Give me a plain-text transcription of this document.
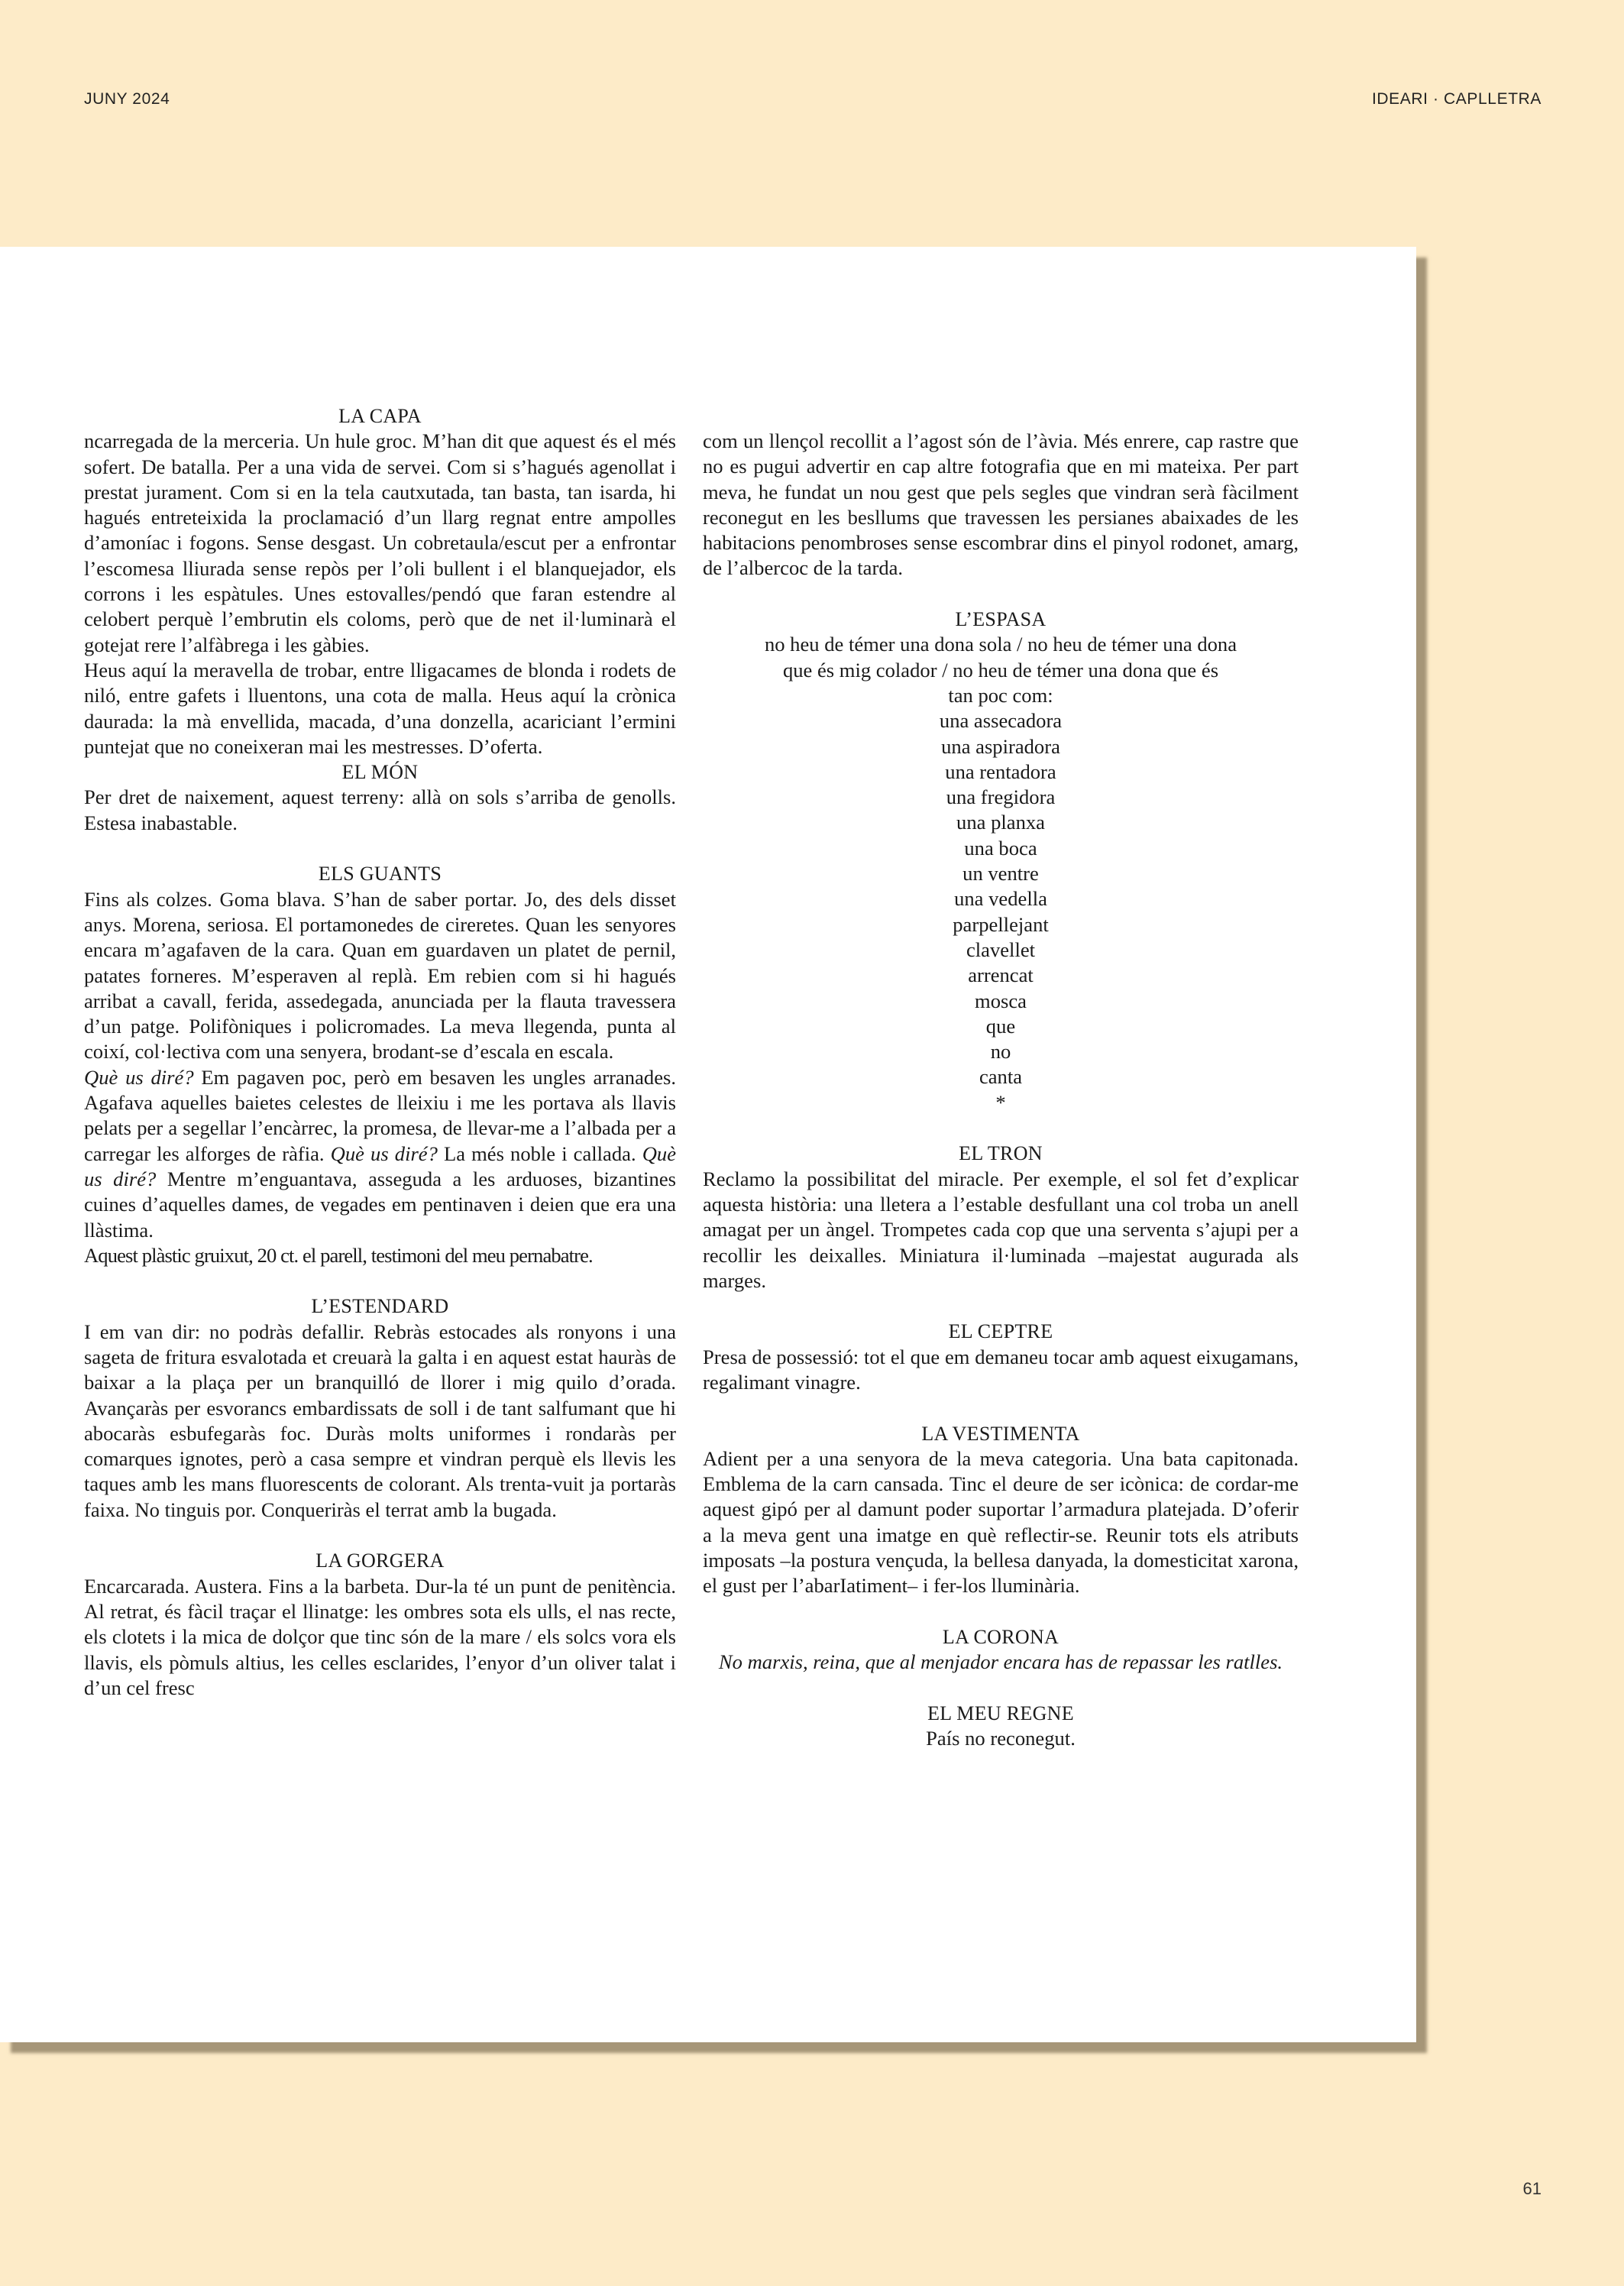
JUNY 2024	IDEARI · CAPLLETRA
LA CAPA

ncarregada de la merceria. Un hule groc. M’han dit que aquest és el més sofert. De batalla. Per a una vida de servei. Com si s’hagués agenollat i prestat jurament. Com si en la tela cautxutada, tan basta, tan isarda, hi hagués entreteixida la proclamació d’un llarg regnat entre ampolles d’amoníac i fogons. Sense desgast. Un cobretaula/escut per a enfrontar l’escomesa lliurada sense repòs per l’oli bullent i el blanquejador, els corrons i les espàtules. Unes estovalles/pendó que faran estendre al celobert perquè l’embrutin els coloms, però que de net il·luminarà el gotejat rere l’alfàbrega i les gàbies.

Heus aquí la meravella de trobar, entre lligacames de blonda i rodets de niló, entre gafets i lluentons, una cota de malla. Heus aquí la crònica daurada: la mà envellida, macada, d’una donzella, acariciant l’ermini puntejat que no coneixeran mai les mestresses. D’oferta.

EL MÓN

Per dret de naixement, aquest terreny: allà on sols s’arriba de genolls. Estesa inabastable.

ELS GUANTS

Fins als colzes. Goma blava. S’han de saber portar. Jo, des dels disset anys. Morena, seriosa. El portamonedes de cireretes. Quan les senyores encara m’agafaven de la cara. Quan em guardaven un platet de pernil, patates forneres. M’esperaven al replà. Em rebien com si hi hagués arribat a cavall, ferida, assedegada, anunciada per la flauta travessera d’un patge. Polifòniques i policromades. La meva llegenda, punta al coixí, col·lectiva com una senyera, brodant-se d’escala en escala.

Què us diré? Em pagaven poc, però em besaven les ungles arranades. Agafava aquelles baietes celestes de lleixiu i me les portava als llavis pelats per a segellar l’encàrrec, la promesa, de llevar-me a l’albada per a carregar les alforges de ràfia. Què us diré? La més noble i callada. Què us diré? Mentre m’enguantava, asseguda a les arduoses, bizantines cuines d’aquelles dames, de vegades em pentinaven i deien que era una llàstima.

Aquest plàstic gruixut, 20 ct. el parell, testimoni del meu pernabatre.

L’ESTENDARD

I em van dir: no podràs defallir. Rebràs estocades als ronyons i una sageta de fritura esvalotada et creuarà la galta i en aquest estat hauràs de baixar a la plaça per un branquilló de llorer i mig quilo d’orada. Avançaràs per esvorancs embardissats de soll i de tant salfumant que hi abocaràs esbufegaràs foc. Duràs molts uniformes i rondaràs per comarques ignotes, però a casa sempre et vindran perquè els llevis les taques amb les mans fluorescents de colorant. Als trenta-vuit ja portaràs faixa. No tinguis por. Conqueriràs el terrat amb la bugada.

LA GORGERA

Encarcarada. Austera. Fins a la barbeta. Dur-la té un punt de penitència. Al retrat, és fàcil traçar el llinatge: les ombres sota els ulls, el nas recte, els clotets i la mica de dolçor que tinc són de la mare / els solcs vora els llavis, els pòmuls altius, les celles esclarides, l’enyor d’un oliver talat i d’un cel fresc

com un llençol recollit a l’agost són de l’àvia. Més enrere, cap rastre que no es pugui advertir en cap altre fotografia que en mi mateixa. Per part meva, he fundat un nou gest que pels segles que vindran serà fàcilment reconegut en les besllums que travessen les persianes abaixades de les habitacions penombroses sense escombrar dins el pinyol rodonet, amarg, de l’albercoc de la tarda.

L’ESPASA
no heu de témer una dona sola / no heu de témer una dona
que és mig colador / no heu de témer una dona que és
tan poc com:
una assecadora
una aspiradora
una rentadora
una fregidora
una planxa
una boca
un ventre
una vedella
parpellejant
clavellet
arrencat
mosca
que
no
canta
*
EL TRON

Reclamo la possibilitat del miracle. Per exemple, el sol fet d’explicar aquesta història: una lletera a l’estable desfullant una col troba un anell amagat per un àngel. Trompetes cada cop que una serventa s’ajupi per a recollir les deixalles. Miniatura il·luminada –majestat augurada als marges.

EL CEPTRE

Presa de possessió: tot el que em demaneu tocar amb aquest eixugamans, regalimant vinagre.

LA VESTIMENTA

Adient per a una senyora de la meva categoria. Una bata capitonada. Emblema de la carn cansada. Tinc el deure de ser icònica: de cordar-me aquest gipó per al damunt poder suportar l’armadura platejada. D’oferir a la meva gent una imatge en què reflectir-se. Reunir tots els atributs imposats –la postura vençuda, la bellesa danyada, la domesticitat xarona, el gust per l’abarIatiment– i fer-los lluminària.

LA CORONA

No marxis, reina, que al menjador encara has de repassar les ratlles.

EL MEU REGNE

País no reconegut.

61
